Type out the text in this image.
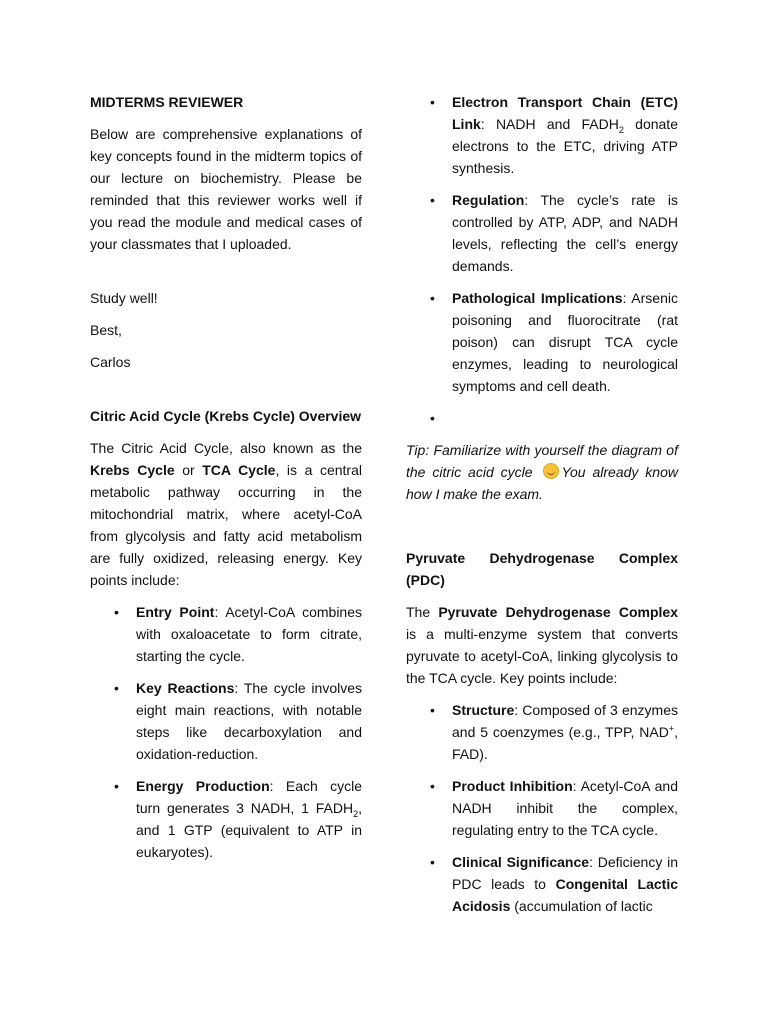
MIDTERMS REVIEWER

Below are comprehensive explanations of key concepts found in the midterm topics of our lecture on biochemistry. Please be reminded that this reviewer works well if you read the module and medical cases of your classmates that I uploaded.

Study well!

Best,

Carlos

Citric Acid Cycle (Krebs Cycle) Overview

The Citric Acid Cycle, also known as the Krebs Cycle or TCA Cycle, is a central metabolic pathway occurring in the mitochondrial matrix, where acetyl-CoA from glycolysis and fatty acid metabolism are fully oxidized, releasing energy. Key points include:

• Entry Point: Acetyl-CoA combines with oxaloacetate to form citrate, starting the cycle.
• Key Reactions: The cycle involves eight main reactions, with notable steps like decarboxylation and oxidation-reduction.
• Energy Production: Each cycle turn generates 3 NADH, 1 $FADH_2$, and 1 GTP (equivalent to ATP in eukaryotes).
• Electron Transport Chain (ETC) Link: NADH and $FADH_2$ donate electrons to the ETC, driving ATP synthesis.
• Regulation: The cycle’s rate is controlled by ATP, ADP, and NADH levels, reflecting the cell’s energy demands.
• Pathological Implications: Arsenic poisoning and fluorocitrate (rat poison) can disrupt TCA cycle enzymes, leading to neurological symptoms and cell death.
•

Tip: Familiarize with yourself the diagram of the citric acid cycle You already know how I make the exam.

Pyruvate Dehydrogenase Complex (PDC)

The Pyruvate Dehydrogenase Complex is a multi-enzyme system that converts pyruvate to acetyl-CoA, linking glycolysis to the TCA cycle. Key points include:

• Structure: Composed of 3 enzymes and 5 coenzymes (e.g., TPP, NAD+, FAD).
• Product Inhibition: Acetyl-CoA and NADH inhibit the complex, regulating entry to the TCA cycle.
• Clinical Significance: Deficiency in PDC leads to Congenital Lactic Acidosis (accumulation of lactic
